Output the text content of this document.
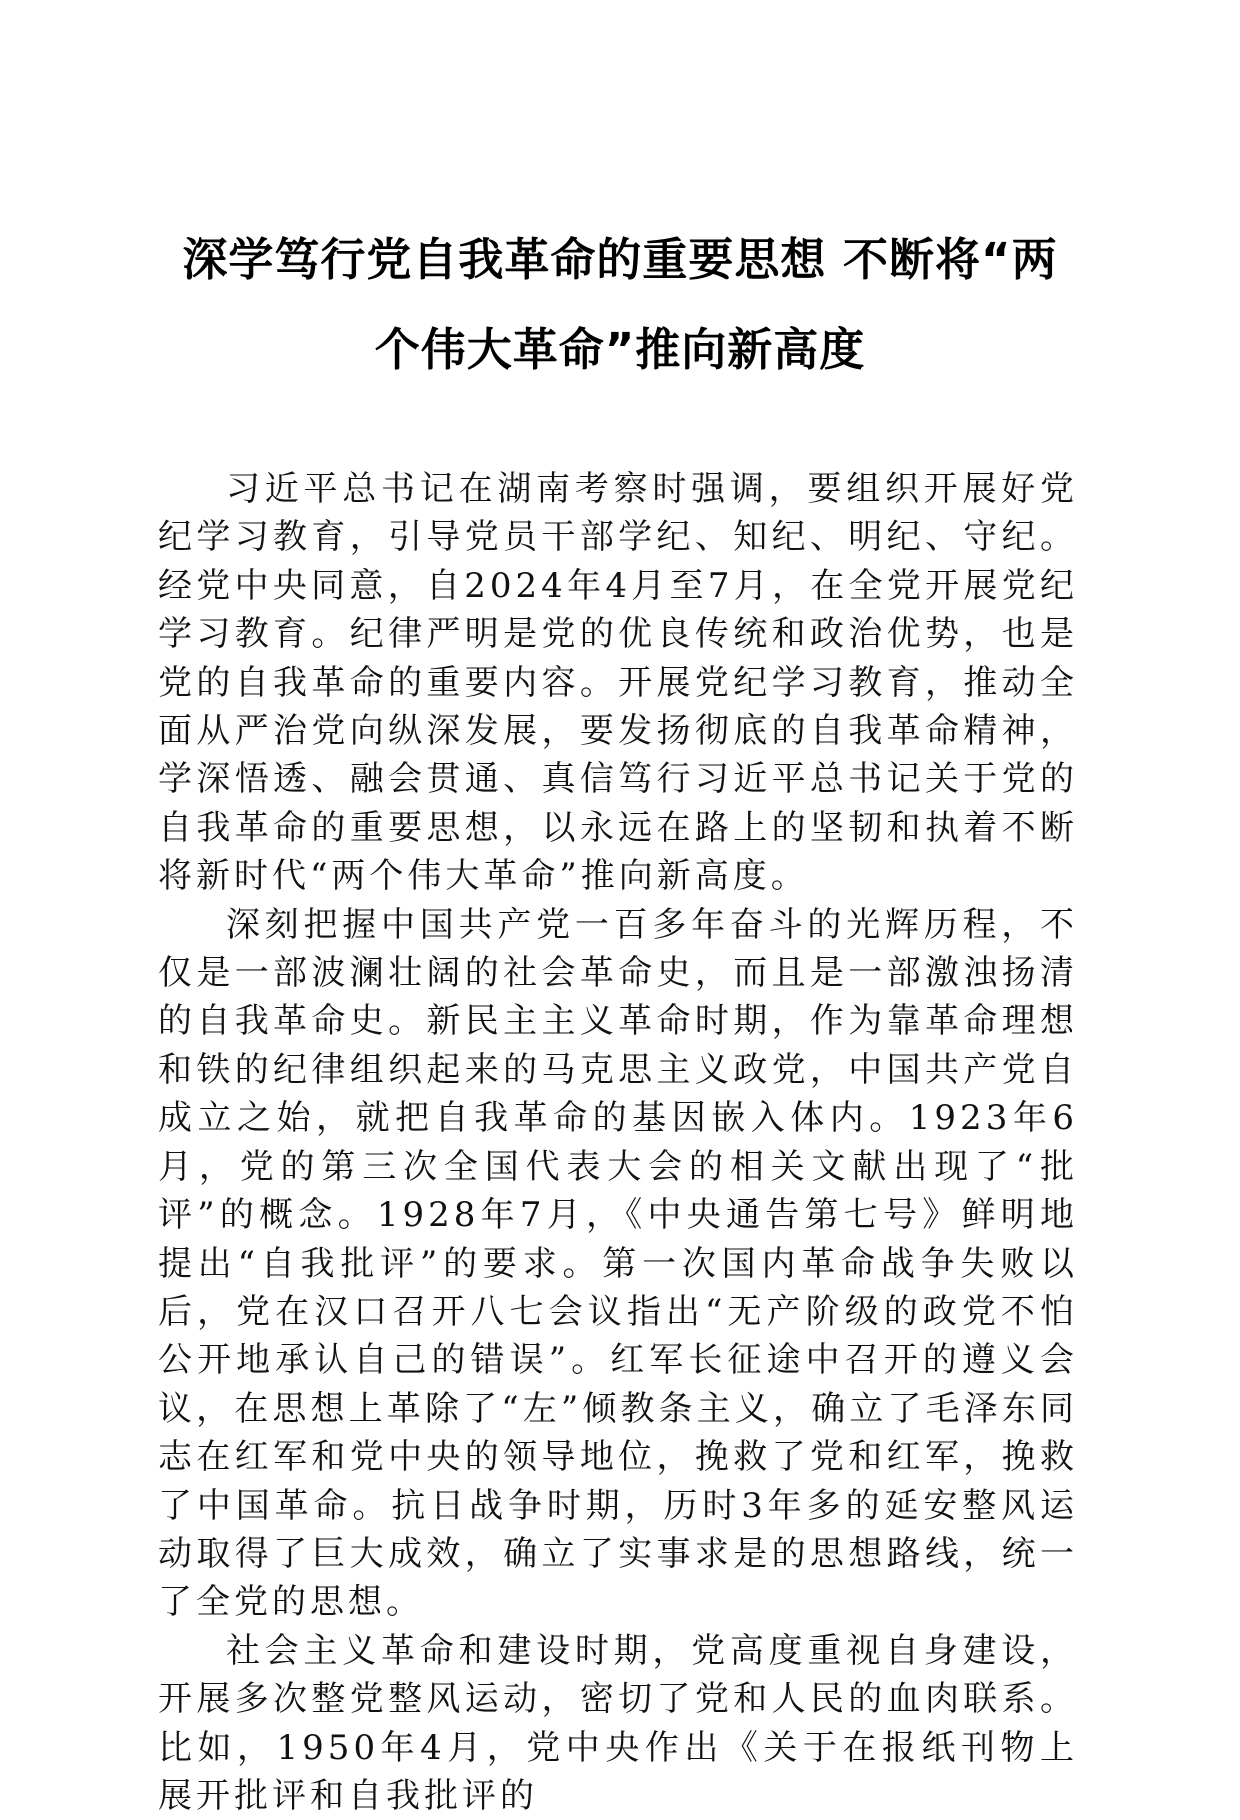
深学笃行党自我革命的重要思想 不断将“两
个伟大革命”推向新高度

习近平总书记在湖南考察时强调，要组织开展好党纪学习教育，引导党员干部学纪、知纪、明纪、守纪。经党中央同意，自2024年4月至7月，在全党开展党纪学习教育。纪律严明是党的优良传统和政治优势，也是党的自我革命的重要内容。开展党纪学习教育，推动全面从严治党向纵深发展，要发扬彻底的自我革命精神，学深悟透、融会贯通、真信笃行习近平总书记关于党的自我革命的重要思想，以永远在路上的坚韧和执着不断将新时代“两个伟大革命”推向新高度。

深刻把握中国共产党一百多年奋斗的光辉历程，不仅是一部波澜壮阔的社会革命史，而且是一部激浊扬清的自我革命史。新民主主义革命时期，作为靠革命理想和铁的纪律组织起来的马克思主义政党，中国共产党自成立之始，就把自我革命的基因嵌入体内。1923年6月，党的第三次全国代表大会的相关文献出现了“批评”的概念。1928年7月，《中央通告第七号》鲜明地提出“自我批评”的要求。第一次国内革命战争失败以后，党在汉口召开八七会议指出“无产阶级的政党不怕公开地承认自己的错误”。红军长征途中召开的遵义会议，在思想上革除了“左”倾教条主义，确立了毛泽东同志在红军和党中央的领导地位，挽救了党和红军，挽救了中国革命。抗日战争时期，历时3年多的延安整风运动取得了巨大成效，确立了实事求是的思想路线，统一了全党的思想。

社会主义革命和建设时期，党高度重视自身建设，开展多次整党整风运动，密切了党和人民的血肉联系。比如，1950年4月，党中央作出《关于在报纸刊物上展开批评和自我批评的
